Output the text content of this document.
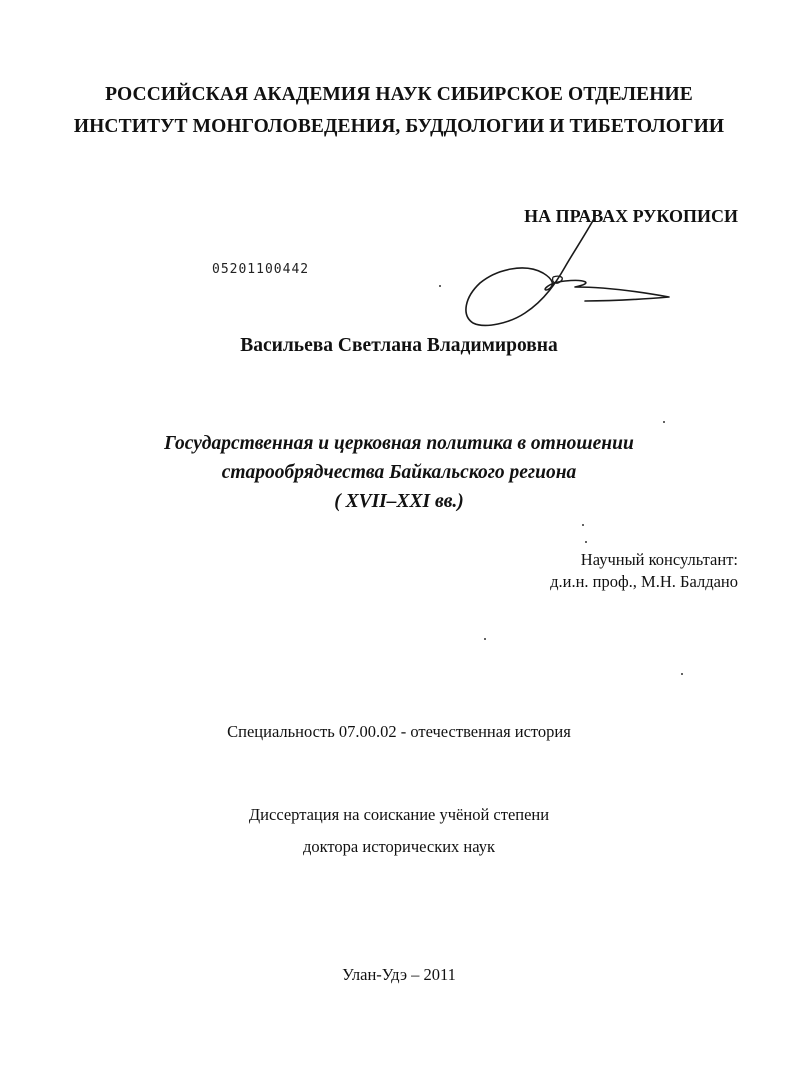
РОССИЙСКАЯ АКАДЕМИЯ НАУК СИБИРСКОЕ ОТДЕЛЕНИЕ
ИНСТИТУТ МОНГОЛОВЕДЕНИЯ, БУДДОЛОГИИ И ТИБЕТОЛОГИИ
НА ПРАВАХ РУКОПИСИ
05201100442
Васильева Светлана Владимировна
Государственная и церковная политика в отношении
старообрядчества Байкальского региона
( XVII–XXI вв.)
Научный консультант:
д.и.н. проф., М.Н. Балдано
Специальность 07.00.02 - отечественная история
Диссертация на соискание учёной степени
доктора исторических наук
Улан-Удэ – 2011
